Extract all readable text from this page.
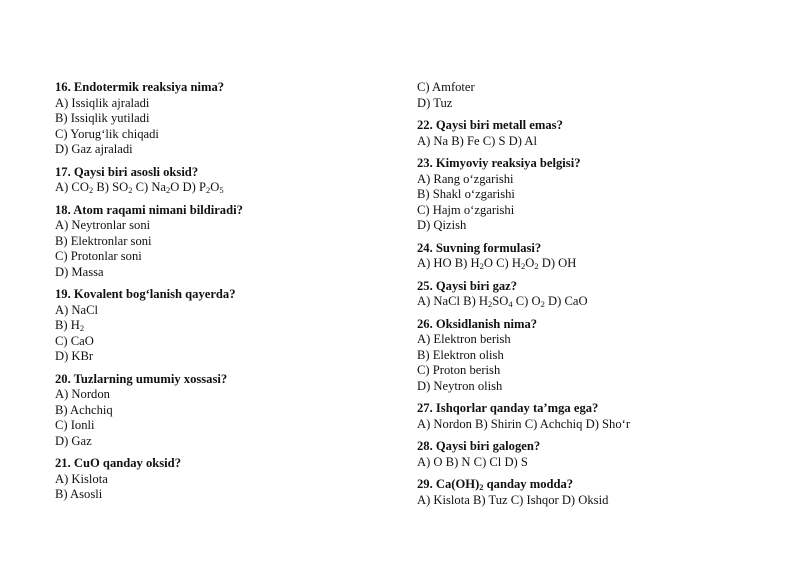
16. Endotermik reaksiya nima?
A) Issiqlik ajraladi
B) Issiqlik yutiladi
C) Yorug‘lik chiqadi
D) Gaz ajraladi
17. Qaysi biri asosli oksid?
A) $CO_2$ B) $SO_2$ C) $Na_2O$ D) $P_2O_5$
18. Atom raqami nimani bildiradi?
A) Neytronlar soni
B) Elektronlar soni
C) Protonlar soni
D) Massa
19. Kovalent bog‘lanish qayerda?
A) NaCl
B) $H_2$
C) CaO
D) KBr
20. Tuzlarning umumiy xossasi?
A) Nordon
B) Achchiq
C) Ionli
D) Gaz
21. CuO qanday oksid?
A) Kislota
B) Asosli
C) Amfoter
D) Tuz
22. Qaysi biri metall emas?
A) Na B) Fe C) S D) Al
23. Kimyoviy reaksiya belgisi?
A) Rang o‘zgarishi
B) Shakl o‘zgarishi
C) Hajm o‘zgarishi
D) Qizish
24. Suvning formulasi?
A) HO B) $H_2O$ C) $H_2O_2$ D) OH
25. Qaysi biri gaz?
A) NaCl B) $H_2SO_4$ C) $O_2$ D) CaO
26. Oksidlanish nima?
A) Elektron berish
B) Elektron olish
C) Proton berish
D) Neytron olish
27. Ishqorlar qanday ta’mga ega?
A) Nordon B) Shirin C) Achchiq D) Sho‘r
28. Qaysi biri galogen?
A) O B) N C) Cl D) S
29. $Ca(OH)_2$ qanday modda?
A) Kislota B) Tuz C) Ishqor D) Oksid
